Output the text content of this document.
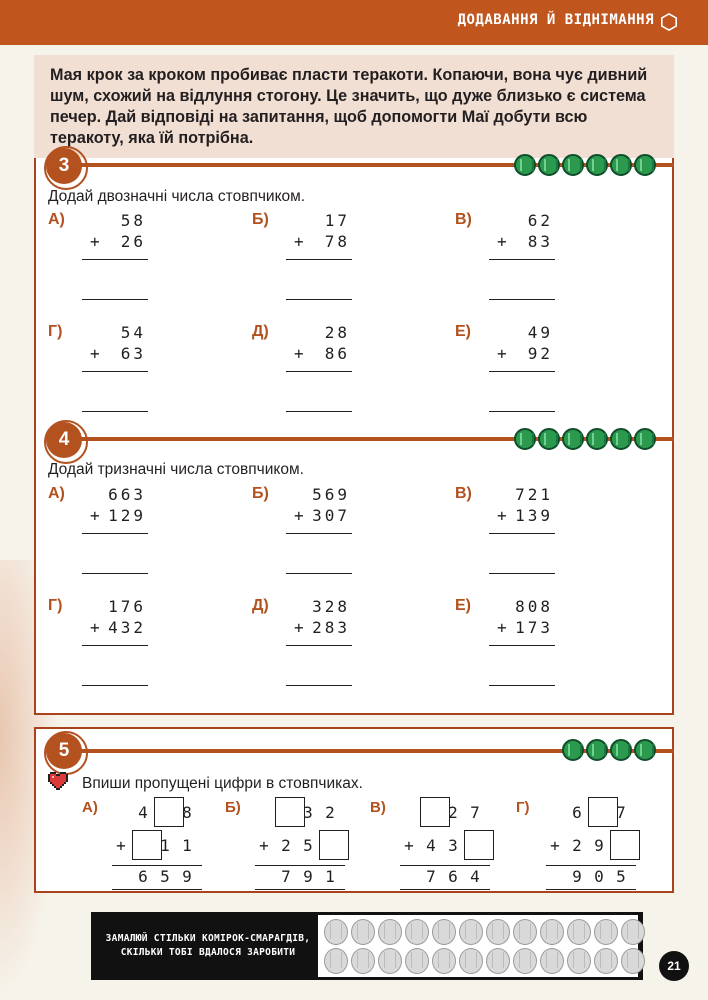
ДОДАВАННЯ Й ВІДНІМАННЯ
Мая крок за кроком пробиває пласти теракоти. Копаючи, вона чує дивний шум, схожий на відлуння стогону. Це значить, що дуже близько є система печер. Дай відповіді на запитання, щоб допомогти Маї добути всю теракоту, яка їй потрібна.
3
Додай двозначні числа стовпчиком.
А)	58
+ 26
Б)	17
+ 78
В)	62
+ 83
Г)	54
+ 63
Д)	28
+ 86
Е)	49
+ 92
4
Додай тризначні числа стовпчиком.
А)	663
+ 129
Б)	569
+ 307
В)	721
+ 139
Г)	176
+ 432
Д)	328
+ 283
Е)	808
+ 173
5
Впиши пропущені цифри в стовпчиках.
А)	4	8
+	1 1
6 5 9
Б)	3 2
+ 2 5
7 9 1
В)	2 7
+ 4 3
7 6 4
Г)	6	7
+ 2 9
9 0 5
ЗАМАЛЮЙ СТІЛЬКИ КОМІРОК-СМАРАГДІВ,
СКІЛЬКИ ТОБІ ВДАЛОСЯ ЗАРОБИТИ
21
